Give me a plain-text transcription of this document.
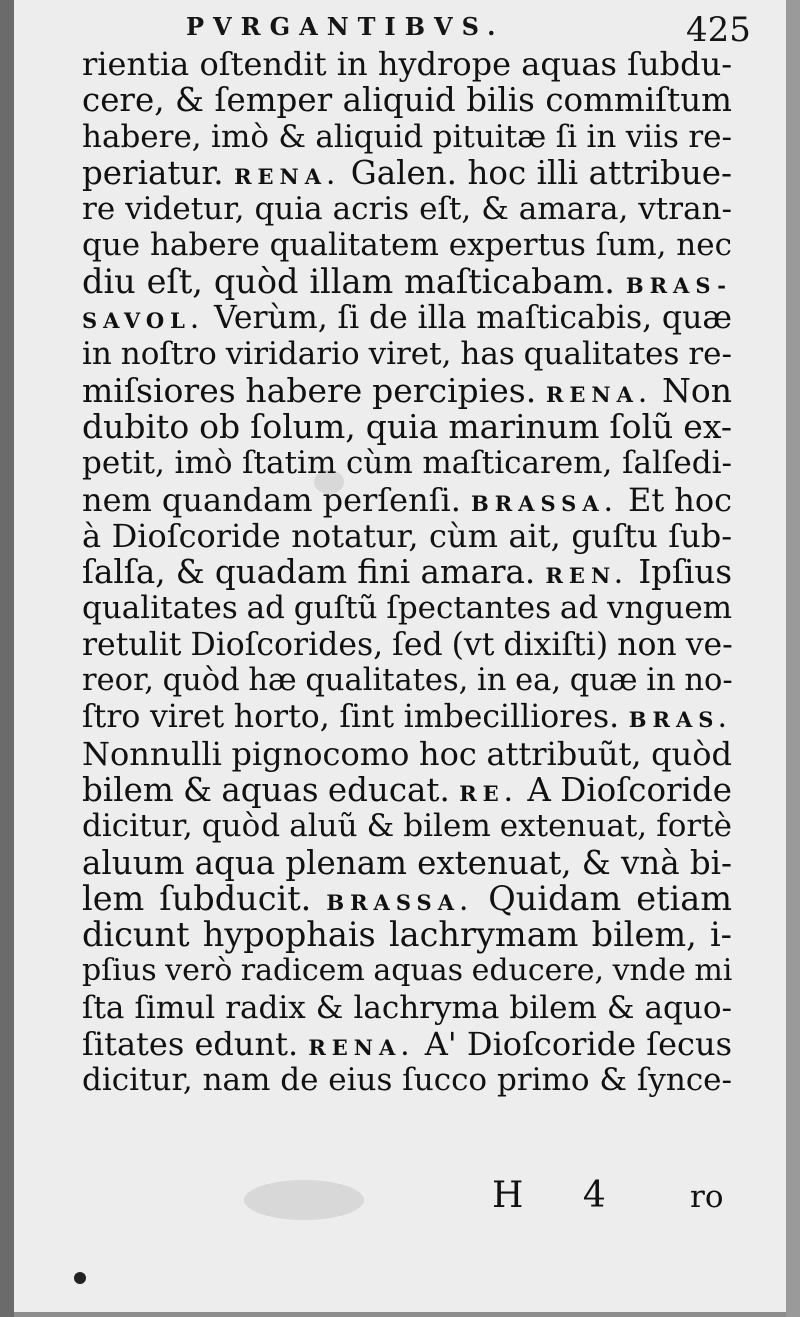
PVRGANTIBVS.	425
rientia oſtendit in hydrope aquas ſubdu-
cere, & ſemper aliquid bilis commiſtum
habere, imò & aliquid pituitæ ſi in viis re-
periatur. RENA. Galen. hoc illi attribue-
re videtur, quia acris eſt, & amara, vtran-
que habere qualitatem expertus ſum, nec
diu eſt, quòd illam maſticabam. BRAS-
SAVOL. Verùm, ſi de illa maſticabis, quæ
in noſtro viridario viret, has qualitates re-
miſsiores habere percipies. RENA. Non
dubito ob ſolum, quia marinum ſolũ ex-
petit, imò ſtatim cùm maſticarem, ſalſedi-
nem quandam perſenſi. BRASSA. Et hoc
à Dioſcoride notatur, cùm ait, guſtu ſub-
ſalſa, & quadam fini amara. REN. Ipſius
qualitates ad guſtũ ſpectantes ad vnguem
retulit Dioſcorides, ſed (vt dixiſti) non ve-
reor, quòd hæ qualitates, in ea, quæ in no-
ſtro viret horto, ſint imbecilliores. BRAS.
Nonnulli pignocomo hoc attribuũt, quòd
bilem & aquas educat. RE. A Dioſcoride
dicitur, quòd aluũ & bilem extenuat, fortè
aluum aqua plenam extenuat, & vnà bi-
lem ſubducit. BRASSA. Quidam etiam
dicunt hypophais lachrymam bilem, i-
pſius verò radicem aquas educere, vnde mi
ſta ſimul radix & lachryma bilem & aquo-
ſitates edunt. RENA. A' Dioſcoride ſecus
dicitur, nam de eius ſucco primo & ſynce-
H 4 ro
